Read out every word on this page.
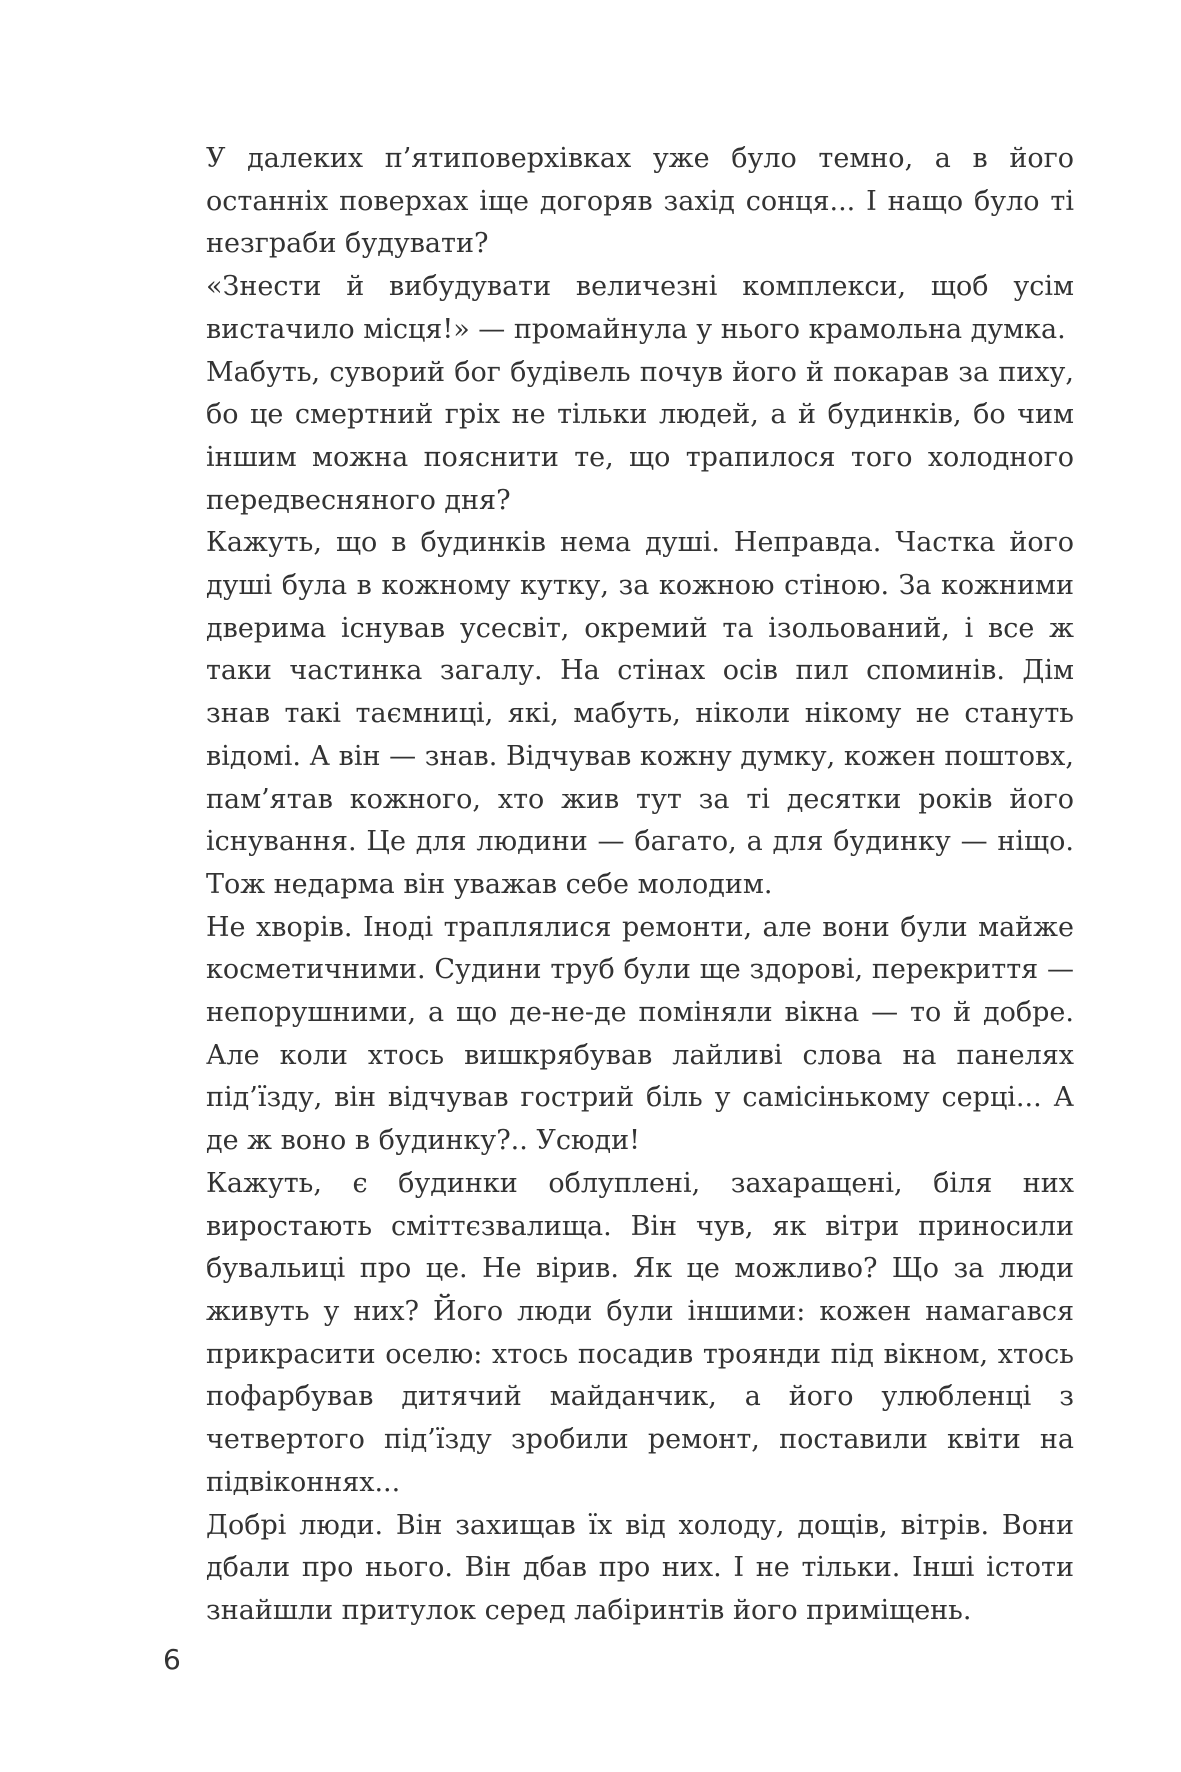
У далеких п’ятиповерхівках уже було темно, а в його останніх поверхах іще догоряв захід сонця... І нащо було ті незграби будувати?

«Знести й вибудувати величезні комплекси, щоб усім вистачило місця!» — промайнула у нього крамольна думка.

Мабуть, суворий бог будівель почув його й покарав за пиху, бо це смертний гріх не тільки людей, а й будинків, бо чим іншим можна пояснити те, що трапилося того холодного передвесняного дня?

Кажуть, що в будинків нема душі. Неправда. Частка його душі була в кожному кутку, за кожною стіною. За кожними дверима існував усесвіт, окремий та ізольований, і все ж таки частинка загалу. На стінах осів пил споминів. Дім знав такі таємниці, які, мабуть, ніколи нікому не стануть відомі. А він — знав. Відчував кожну думку, кожен поштовх, пам’ятав кожного, хто жив тут за ті десятки років його існування. Це для людини — багато, а для будинку — ніщо. Тож недарма він уважав себе молодим.

Не хворів. Іноді траплялися ремонти, але вони були майже косметичними. Судини труб були ще здорові, перекриття — непорушними, а що де-не-де поміняли вікна — то й добре. Але коли хтось вишкрябував лайливі слова на панелях під’їзду, він відчував гострий біль у самісінькому серці... А де ж воно в будинку?.. Усюди!

Кажуть, є будинки облуплені, захаращені, біля них виростають сміттєзвалища. Він чув, як вітри приносили бувальиці про це. Не вірив. Як це можливо? Що за люди живуть у них? Його люди були іншими: кожен намагався прикрасити оселю: хтось посадив троянди під вікном, хтось пофарбував дитячий майданчик, а його улюбленці з четвертого під’їзду зробили ремонт, поставили квіти на підвіконнях...

Добрі люди. Він захищав їх від холоду, дощів, вітрів. Вони дбали про нього. Він дбав про них. І не тільки. Інші істоти знайшли притулок серед лабіринтів його приміщень.

6
